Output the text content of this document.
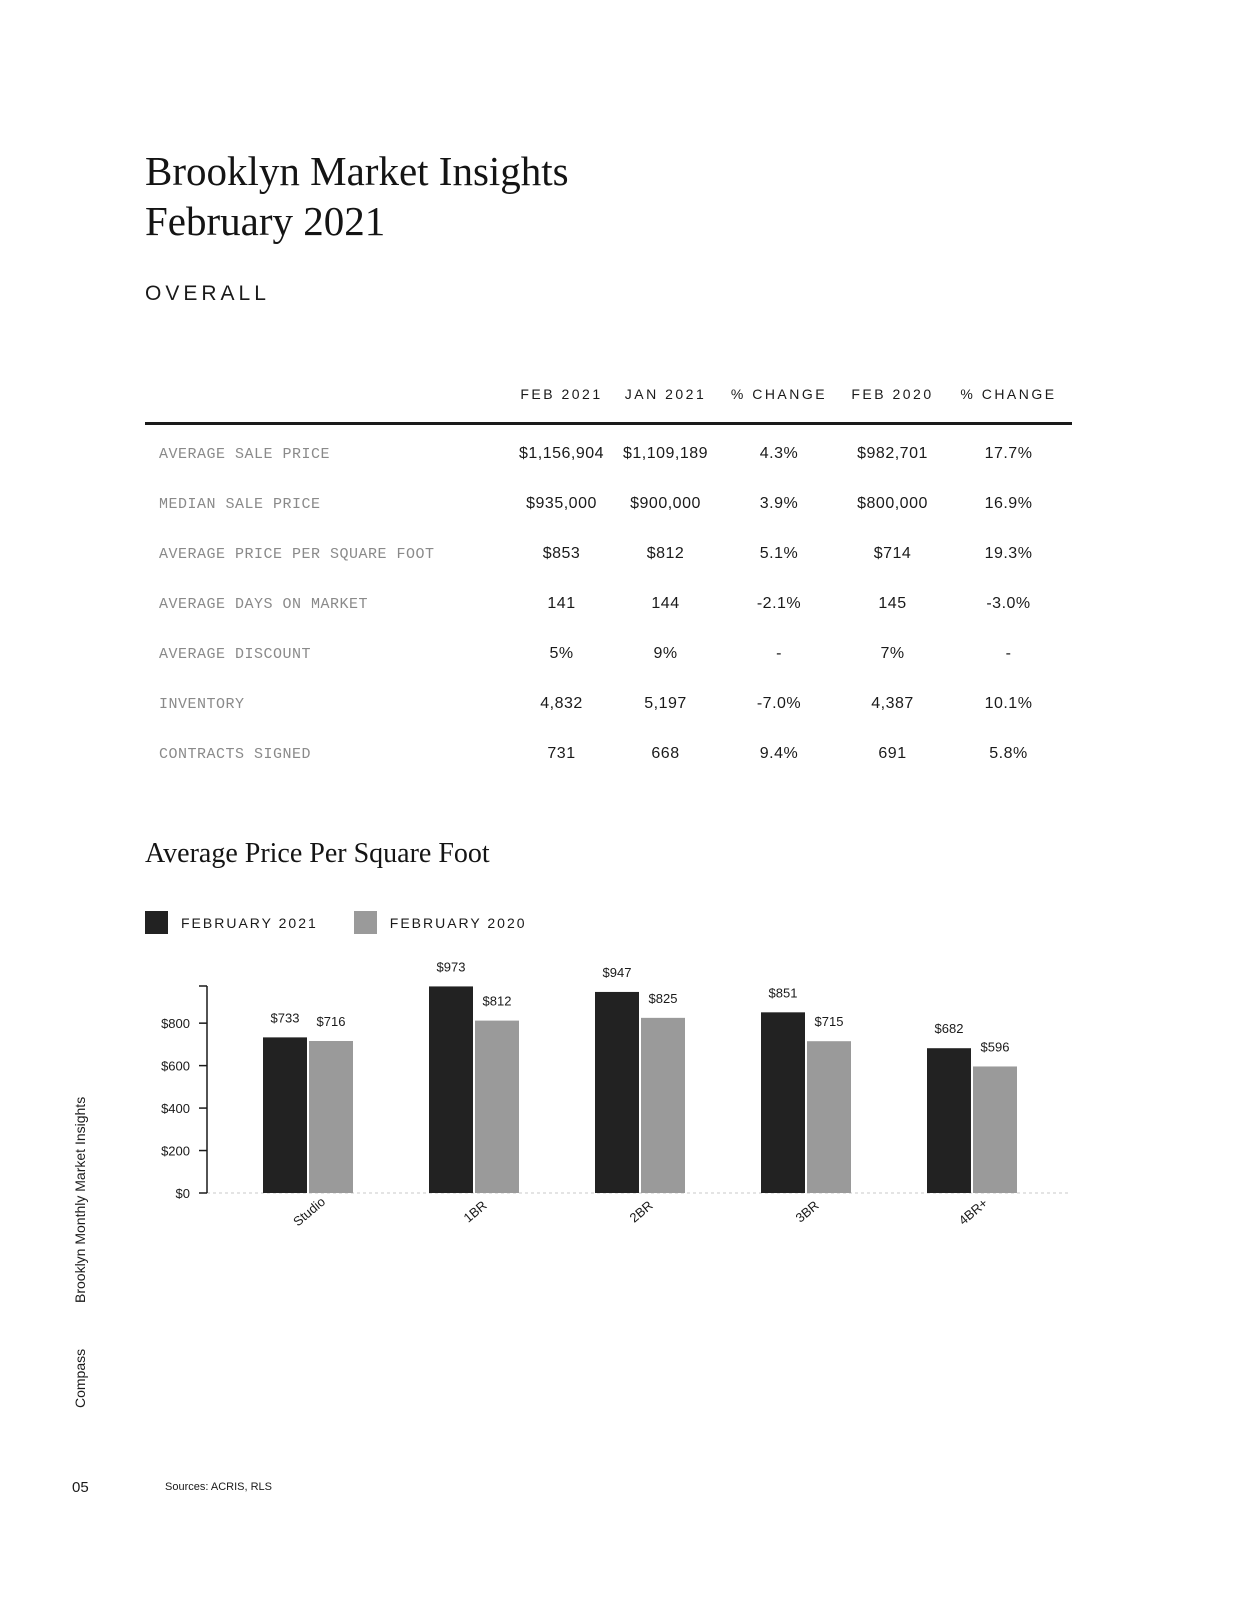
Brooklyn Market Insights
February 2021
OVERALL
	FEB 2021	JAN 2021	% CHANGE	FEB 2020	% CHANGE
AVERAGE SALE PRICE	$1,156,904	$1,109,189	4.3%	$982,701	17.7%
MEDIAN SALE PRICE	$935,000	$900,000	3.9%	$800,000	16.9%
AVERAGE PRICE PER SQUARE FOOT	$853	$812	5.1%	$714	19.3%
AVERAGE DAYS ON MARKET	141	144	-2.1%	145	-3.0%
AVERAGE DISCOUNT	5%	9%	-	7%	-
INVENTORY	4,832	5,197	-7.0%	4,387	10.1%
CONTRACTS SIGNED	731	668	9.4%	691	5.8%
Average Price Per Square Foot
FEBRUARY 2021	FEBRUARY 2020
$0
$200
$400
$600
$800	$733 $716
Studio
$973
$812
1BR
$947
$825
2BR
$851
$715
3BR
$682
$596
4BR+
Compass
Brooklyn Monthly Market Insights
05	Sources: ACRIS, RLS
